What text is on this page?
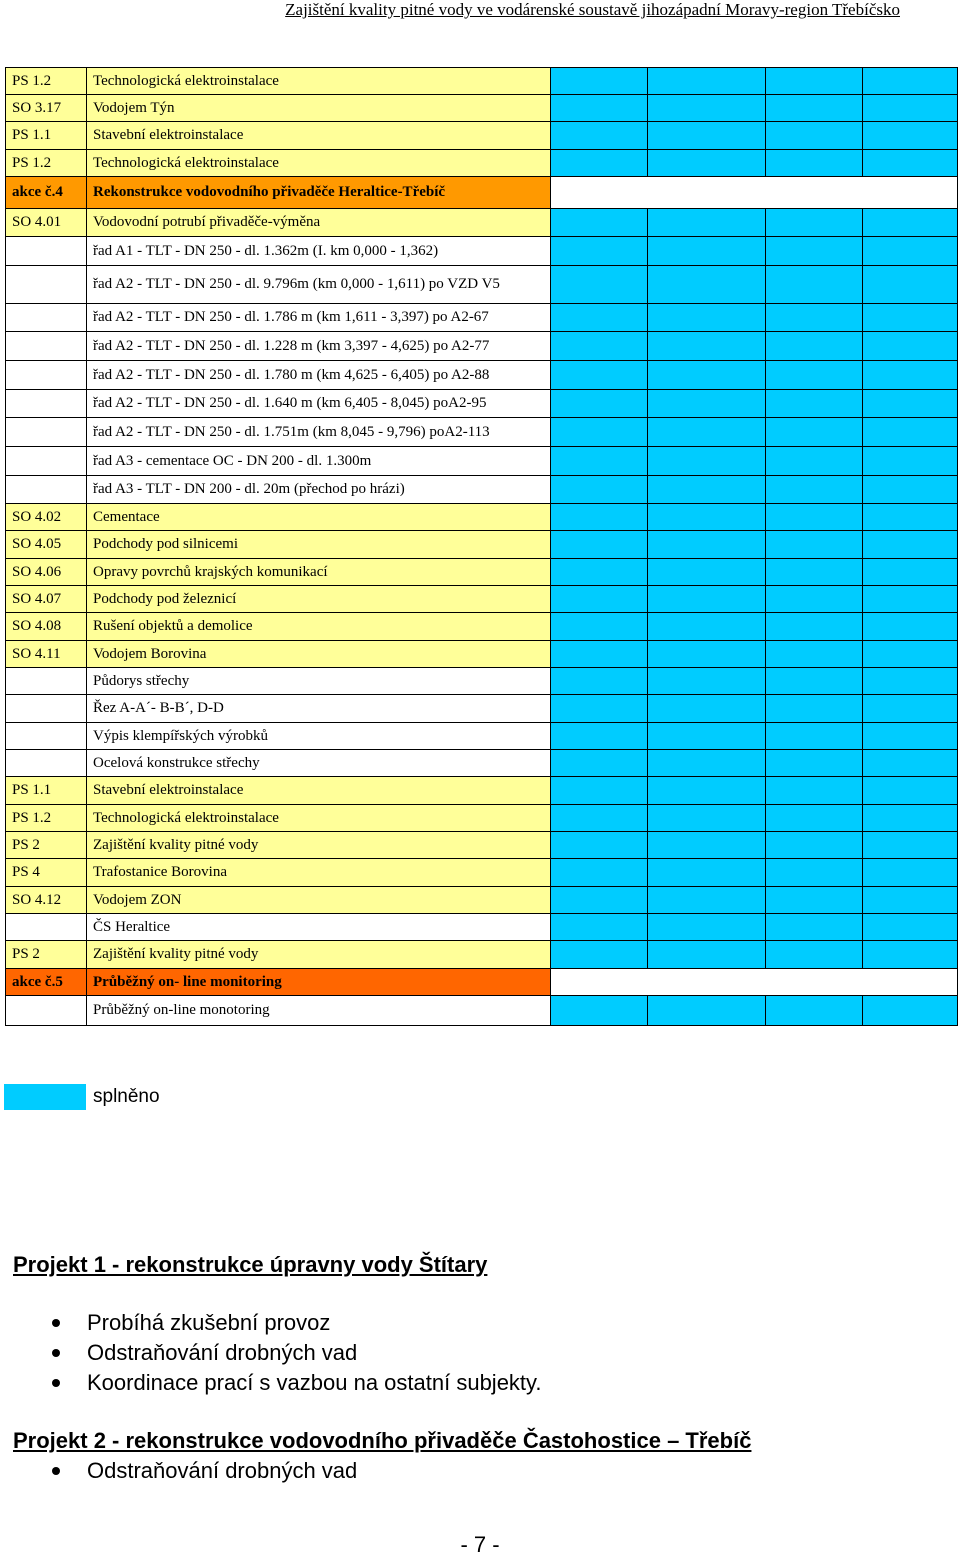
Zajištění kvality pitné vody ve vodárenské soustavě jihozápadní Moravy-region Třebíčsko
PS 1.2	Technologická elektroinstalace				
SO 3.17	Vodojem Týn				
PS 1.1	Stavební elektroinstalace				
PS 1.2	Technologická elektroinstalace				
akce č.4	Rekonstrukce vodovodního přivaděče Heraltice-Třebíč				
SO 4.01	Vodovodní potrubí přivaděče-výměna				
	řad A1 - TLT - DN 250 - dl. 1.362m (I. km 0,000 - 1,362)				
	řad A2 - TLT - DN 250 - dl. 9.796m (km 0,000 - 1,611) po VZD V5				
	řad A2 - TLT - DN 250 - dl. 1.786 m (km 1,611 - 3,397) po A2-67				
	řad A2 - TLT - DN 250 - dl. 1.228 m (km 3,397 - 4,625) po A2-77				
	řad A2 - TLT - DN 250 - dl. 1.780 m (km 4,625 - 6,405) po A2-88				
	řad A2 - TLT - DN 250 - dl. 1.640 m (km 6,405 - 8,045) poA2-95				
	řad A2 - TLT - DN 250 - dl. 1.751m (km 8,045 - 9,796) poA2-113				
	řad A3 - cementace OC - DN 200 - dl. 1.300m				
	řad A3 - TLT - DN 200 - dl. 20m (přechod po hrázi)				
SO 4.02	Cementace				
SO 4.05	Podchody pod silnicemi				
SO 4.06	Opravy povrchů krajských komunikací				
SO 4.07	Podchody pod železnicí				
SO 4.08	Rušení objektů a demolice				
SO 4.11	Vodojem Borovina				
	Půdorys střechy				
	Řez A-A´- B-B´, D-D				
	Výpis klempířských výrobků				
	Ocelová konstrukce střechy				
PS 1.1	Stavební elektroinstalace				
PS 1.2	Technologická elektroinstalace				
PS 2	Zajištění kvality pitné vody				
PS 4	Trafostanice Borovina				
SO 4.12	Vodojem ZON				
	ČS Heraltice				
PS 2	Zajištění kvality pitné vody				
akce č.5	Průběžný on- line monitoring				
	Průběžný on-line monotoring				
splněno
Projekt 1 - rekonstrukce úpravny vody Štítary
Probíhá zkušební provoz
Odstraňování drobných vad
Koordinace prací s vazbou na ostatní subjekty.
Projekt 2 - rekonstrukce vodovodního přivaděče Častohostice – Třebíč
Odstraňování drobných vad
- 7 -
